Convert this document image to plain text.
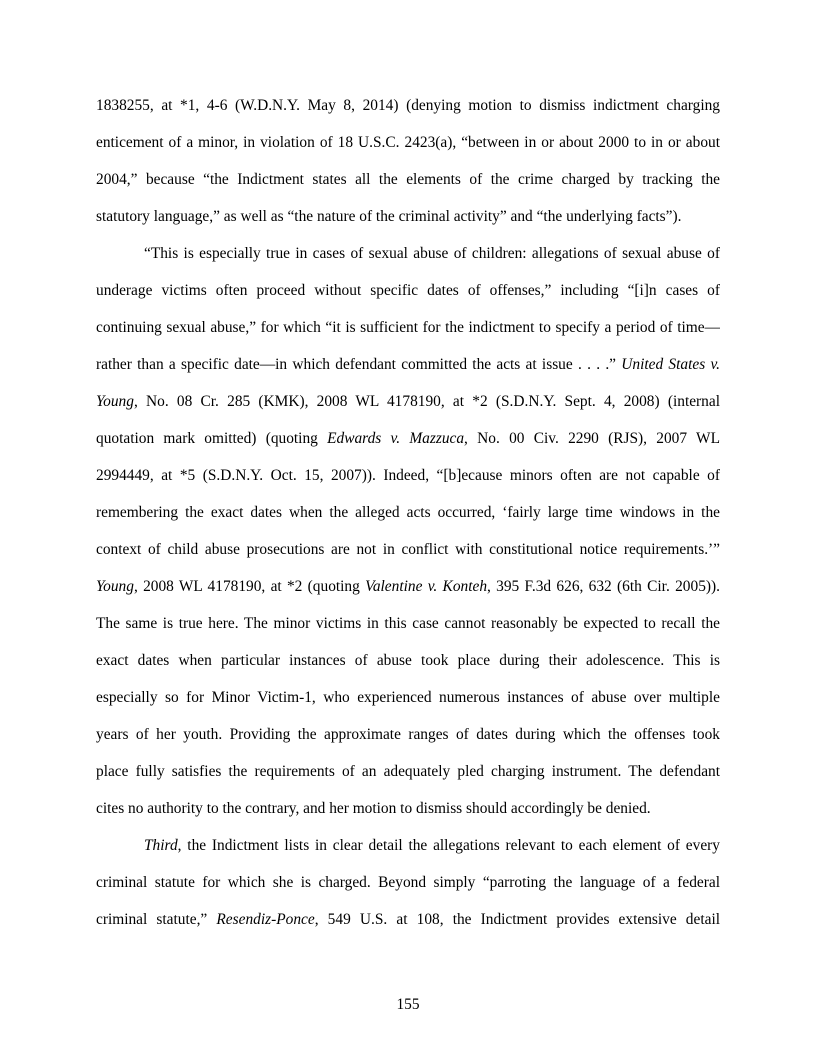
1838255, at *1, 4-6 (W.D.N.Y. May 8, 2014) (denying motion to dismiss indictment charging
enticement of a minor, in violation of 18 U.S.C. 2423(a), “between in or about 2000 to in or about
2004,” because “the Indictment states all the elements of the crime charged by tracking the
statutory language,” as well as “the nature of the criminal activity” and “the underlying facts”).
“This is especially true in cases of sexual abuse of children: allegations of sexual abuse of
underage victims often proceed without specific dates of offenses,” including “[i]n cases of
continuing sexual abuse,” for which “it is sufficient for the indictment to specify a period of time—
rather than a specific date—in which defendant committed the acts at issue . . . .” United States v.
Young, No. 08 Cr. 285 (KMK), 2008 WL 4178190, at *2 (S.D.N.Y. Sept. 4, 2008) (internal
quotation mark omitted) (quoting Edwards v. Mazzuca, No. 00 Civ. 2290 (RJS), 2007 WL
2994449, at *5 (S.D.N.Y. Oct. 15, 2007)). Indeed, “[b]ecause minors often are not capable of
remembering the exact dates when the alleged acts occurred, ‘fairly large time windows in the
context of child abuse prosecutions are not in conflict with constitutional notice requirements.’”
Young, 2008 WL 4178190, at *2 (quoting Valentine v. Konteh, 395 F.3d 626, 632 (6th Cir. 2005)).
The same is true here. The minor victims in this case cannot reasonably be expected to recall the
exact dates when particular instances of abuse took place during their adolescence. This is
especially so for Minor Victim-1, who experienced numerous instances of abuse over multiple
years of her youth. Providing the approximate ranges of dates during which the offenses took
place fully satisfies the requirements of an adequately pled charging instrument. The defendant
cites no authority to the contrary, and her motion to dismiss should accordingly be denied.
Third, the Indictment lists in clear detail the allegations relevant to each element of every
criminal statute for which she is charged. Beyond simply “parroting the language of a federal
criminal statute,” Resendiz-Ponce, 549 U.S. at 108, the Indictment provides extensive detail
155
